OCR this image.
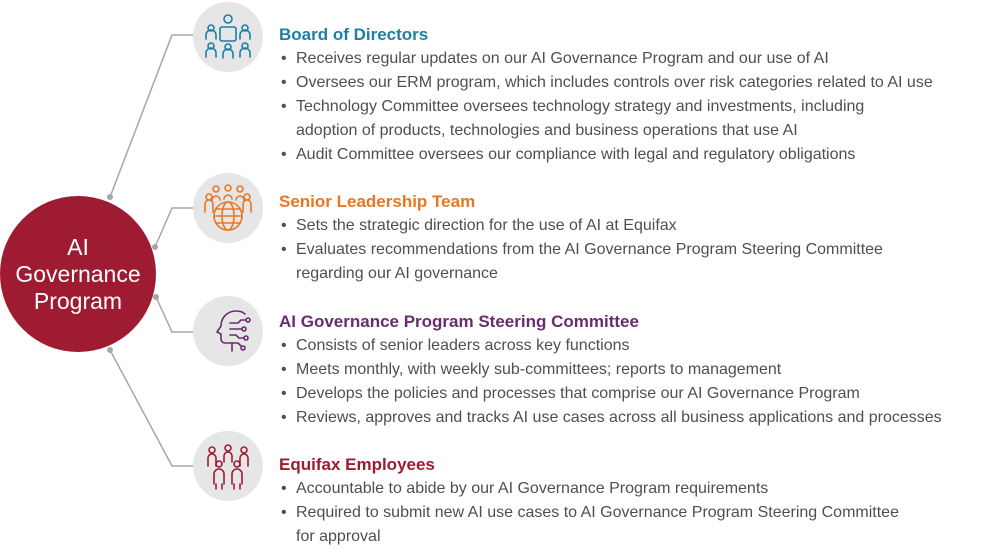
AI
Governance
Program
Board of Directors
• Receives regular updates on our AI Governance Program and our use of AI
• Oversees our ERM program, which includes controls over risk categories related to AI use
• Technology Committee oversees technology strategy and investments, including
adoption of products, technologies and business operations that use AI
• Audit Committee oversees our compliance with legal and regulatory obligations
Senior Leadership Team
• Sets the strategic direction for the use of AI at Equifax
• Evaluates recommendations from the AI Governance Program Steering Committee
regarding our AI governance
AI Governance Program Steering Committee
• Consists of senior leaders across key functions
• Meets monthly, with weekly sub-committees; reports to management
• Develops the policies and processes that comprise our AI Governance Program
• Reviews, approves and tracks AI use cases across all business applications and processes
Equifax Employees
• Accountable to abide by our AI Governance Program requirements
• Required to submit new AI use cases to AI Governance Program Steering Committee
for approval
